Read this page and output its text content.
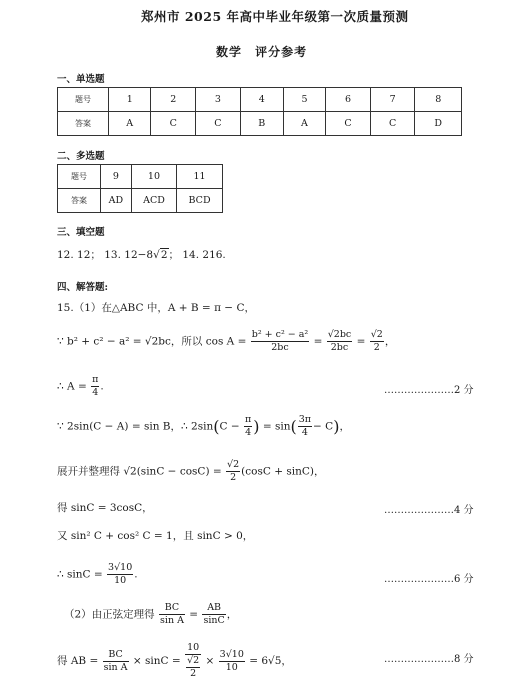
郑州市 2025 年高中毕业年级第一次质量预测
数学 评分参考
一、单选题
题号	1	2	3	4	5	6	7	8
答案	A	C	C	B	A	C	C	D
二、多选题
题号	9	10	11
答案	AD	ACD	BCD
三、填空题
12. 12； 13. 12−8√2； 14. 216.
四、解答题:
15.（1）在△ABC 中，A + B = π − C，
∵ b² + c² − a² = √2bc，所以 $\cos A = \frac{\text{b² + c² − a²}}{2bc} = \frac{√2bc}{2bc} = \frac{√2}{2}$ ，
∴ $A = \frac{\pi}{4}$ .	…………………2 分
∵ 2sin(C − A) = sin B，∴ $2\sin(C - \frac{\pi}{4}$ ) = $\sin( \frac{3\pi}{4} - C)$，
展开并整理得 $√2(\sin C - \cos C) = \frac{√2}{2} (\cos C + \sin C)$，
得 sinC = 3cosC，	…………………4 分
又 sin² C + cos² C = 1，且 sinC > 0，
∴ $\sin C = \frac{3√10}{10}$ .	…………………6 分
（2）由正弦定理得 $\frac{BC}{\text{sin A}} = \frac{AB}{\sin C}$ ，
得 AB = $\frac{BC}{\text{sin A}} \times \sin C = \frac{10}{\frac{√2}{2}} \times \frac{3√10}{10} = 6√5$，	…………………8 分
